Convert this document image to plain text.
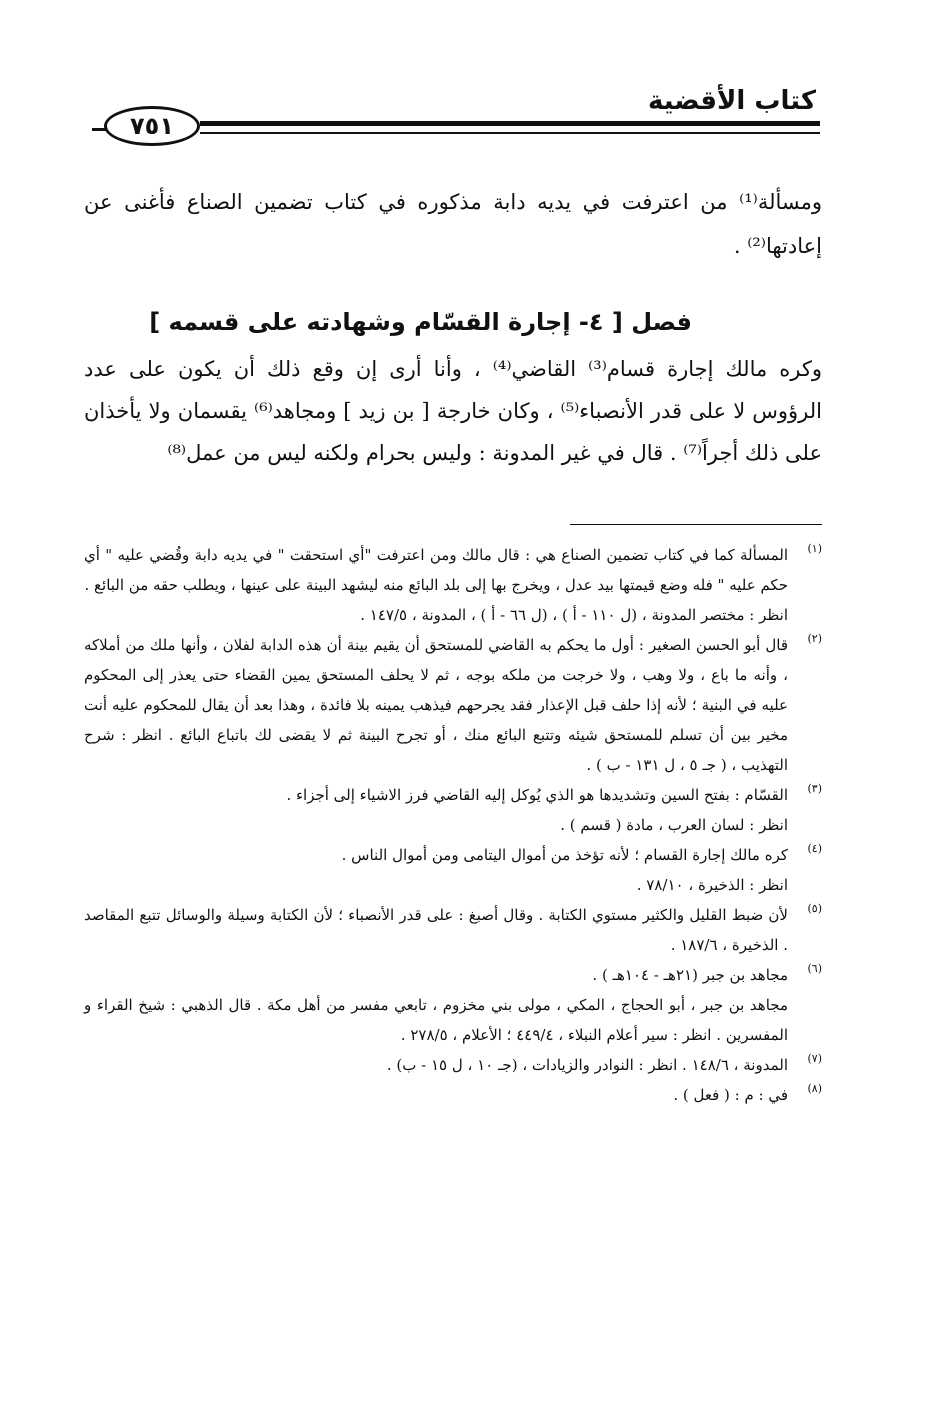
كتاب الأقضية
٧٥١
ومسألة⁽¹⁾ من اعترفت في يديه دابة مذكوره في كتاب تضمين الصناع فأغنى عن إعادتها⁽²⁾ .
فصل [ ٤- إجارة القسّام وشهادته على قسمه ]
وكره مالك إجارة قسام⁽³⁾ القاضي⁽⁴⁾ ، وأنا أرى إن وقع ذلك أن يكون على عدد الرؤوس لا على قدر الأنصباء⁽⁵⁾ ، وكان خارجة [ بن زيد ] ومجاهد⁽⁶⁾ يقسمان ولا يأخذان على ذلك أجراً⁽⁷⁾ . قال في غير المدونة : وليس بحرام ولكنه ليس من عمل⁽⁸⁾
(١)
المسألة كما في كتاب تضمين الصناع هي : قال مالك ومن اعترفت "أي استحقت " في يديه دابة وقُضي عليه " أي حكم عليه " فله وضع قيمتها بيد عدل ، ويخرج بها إلى بلد البائع منه ليشهد البينة على عينها ، ويطلب حقه من البائع .
انظر : مختصر المدونة ، (ل ١١٠ - أ ) ، (ل ٦٦ - أ ) ، المدونة ، ١٤٧/٥ .
(٢)
قال أبو الحسن الصغير : أول ما يحكم به القاضي للمستحق أن يقيم بينة أن هذه الدابة لفلان ، وأنها ملك من أملاكه ، وأنه ما باع ، ولا وهب ، ولا خرجت من ملكه بوجه ، ثم لا يحلف المستحق يمين القضاء حتى يعذر إلى المحكوم عليه في البنية ؛ لأنه إذا حلف قبل الإعذار فقد يجرحهم فيذهب يمينه بلا فائدة ، وهذا بعد أن يقال للمحكوم عليه أنت مخير بين أن تسلم للمستحق شيئه وتتبع البائع منك ، أو تجرح البينة ثم لا يقضى لك باتباع البائع . انظر : شرح التهذيب ، ( جـ ٥ ، ل ١٣١ - ب ) .
(٣)
القسّام : بفتح السين وتشديدها هو الذي يُوكل إليه القاضي فرز الاشياء إلى أجزاء .
انظر : لسان العرب ، مادة ( قسم ) .
(٤)
كره مالك إجارة القسام ؛ لأنه تؤخذ من أموال اليتامى ومن أموال الناس .
انظر : الذخيرة ، ٧٨/١٠ .
(٥)
لأن ضبط القليل والكثير مستوي الكتابة . وقال أصبغ : على قدر الأنصباء ؛ لأن الكتابة وسيلة والوسائل تتبع المقاصد . الذخيرة ، ١٨٧/٦ .
(٦)
مجاهد بن جبر (٢١هـ - ١٠٤هـ ) .
مجاهد بن جبر ، أبو الحجاج ، المكي ، مولى بني مخزوم ، تابعي مفسر من أهل مكة . قال الذهبي : شيخ القراء و المفسرين . انظر : سير أعلام النبلاء ، ٤٤٩/٤ ؛ الأعلام ، ٢٧٨/٥ .
(٧)
المدونة ، ١٤٨/٦ . انظر : النوادر والزيادات ، (جـ ١٠ ، ل ١٥ - ب) .
(٨)
في : م : ( فعل ) .
